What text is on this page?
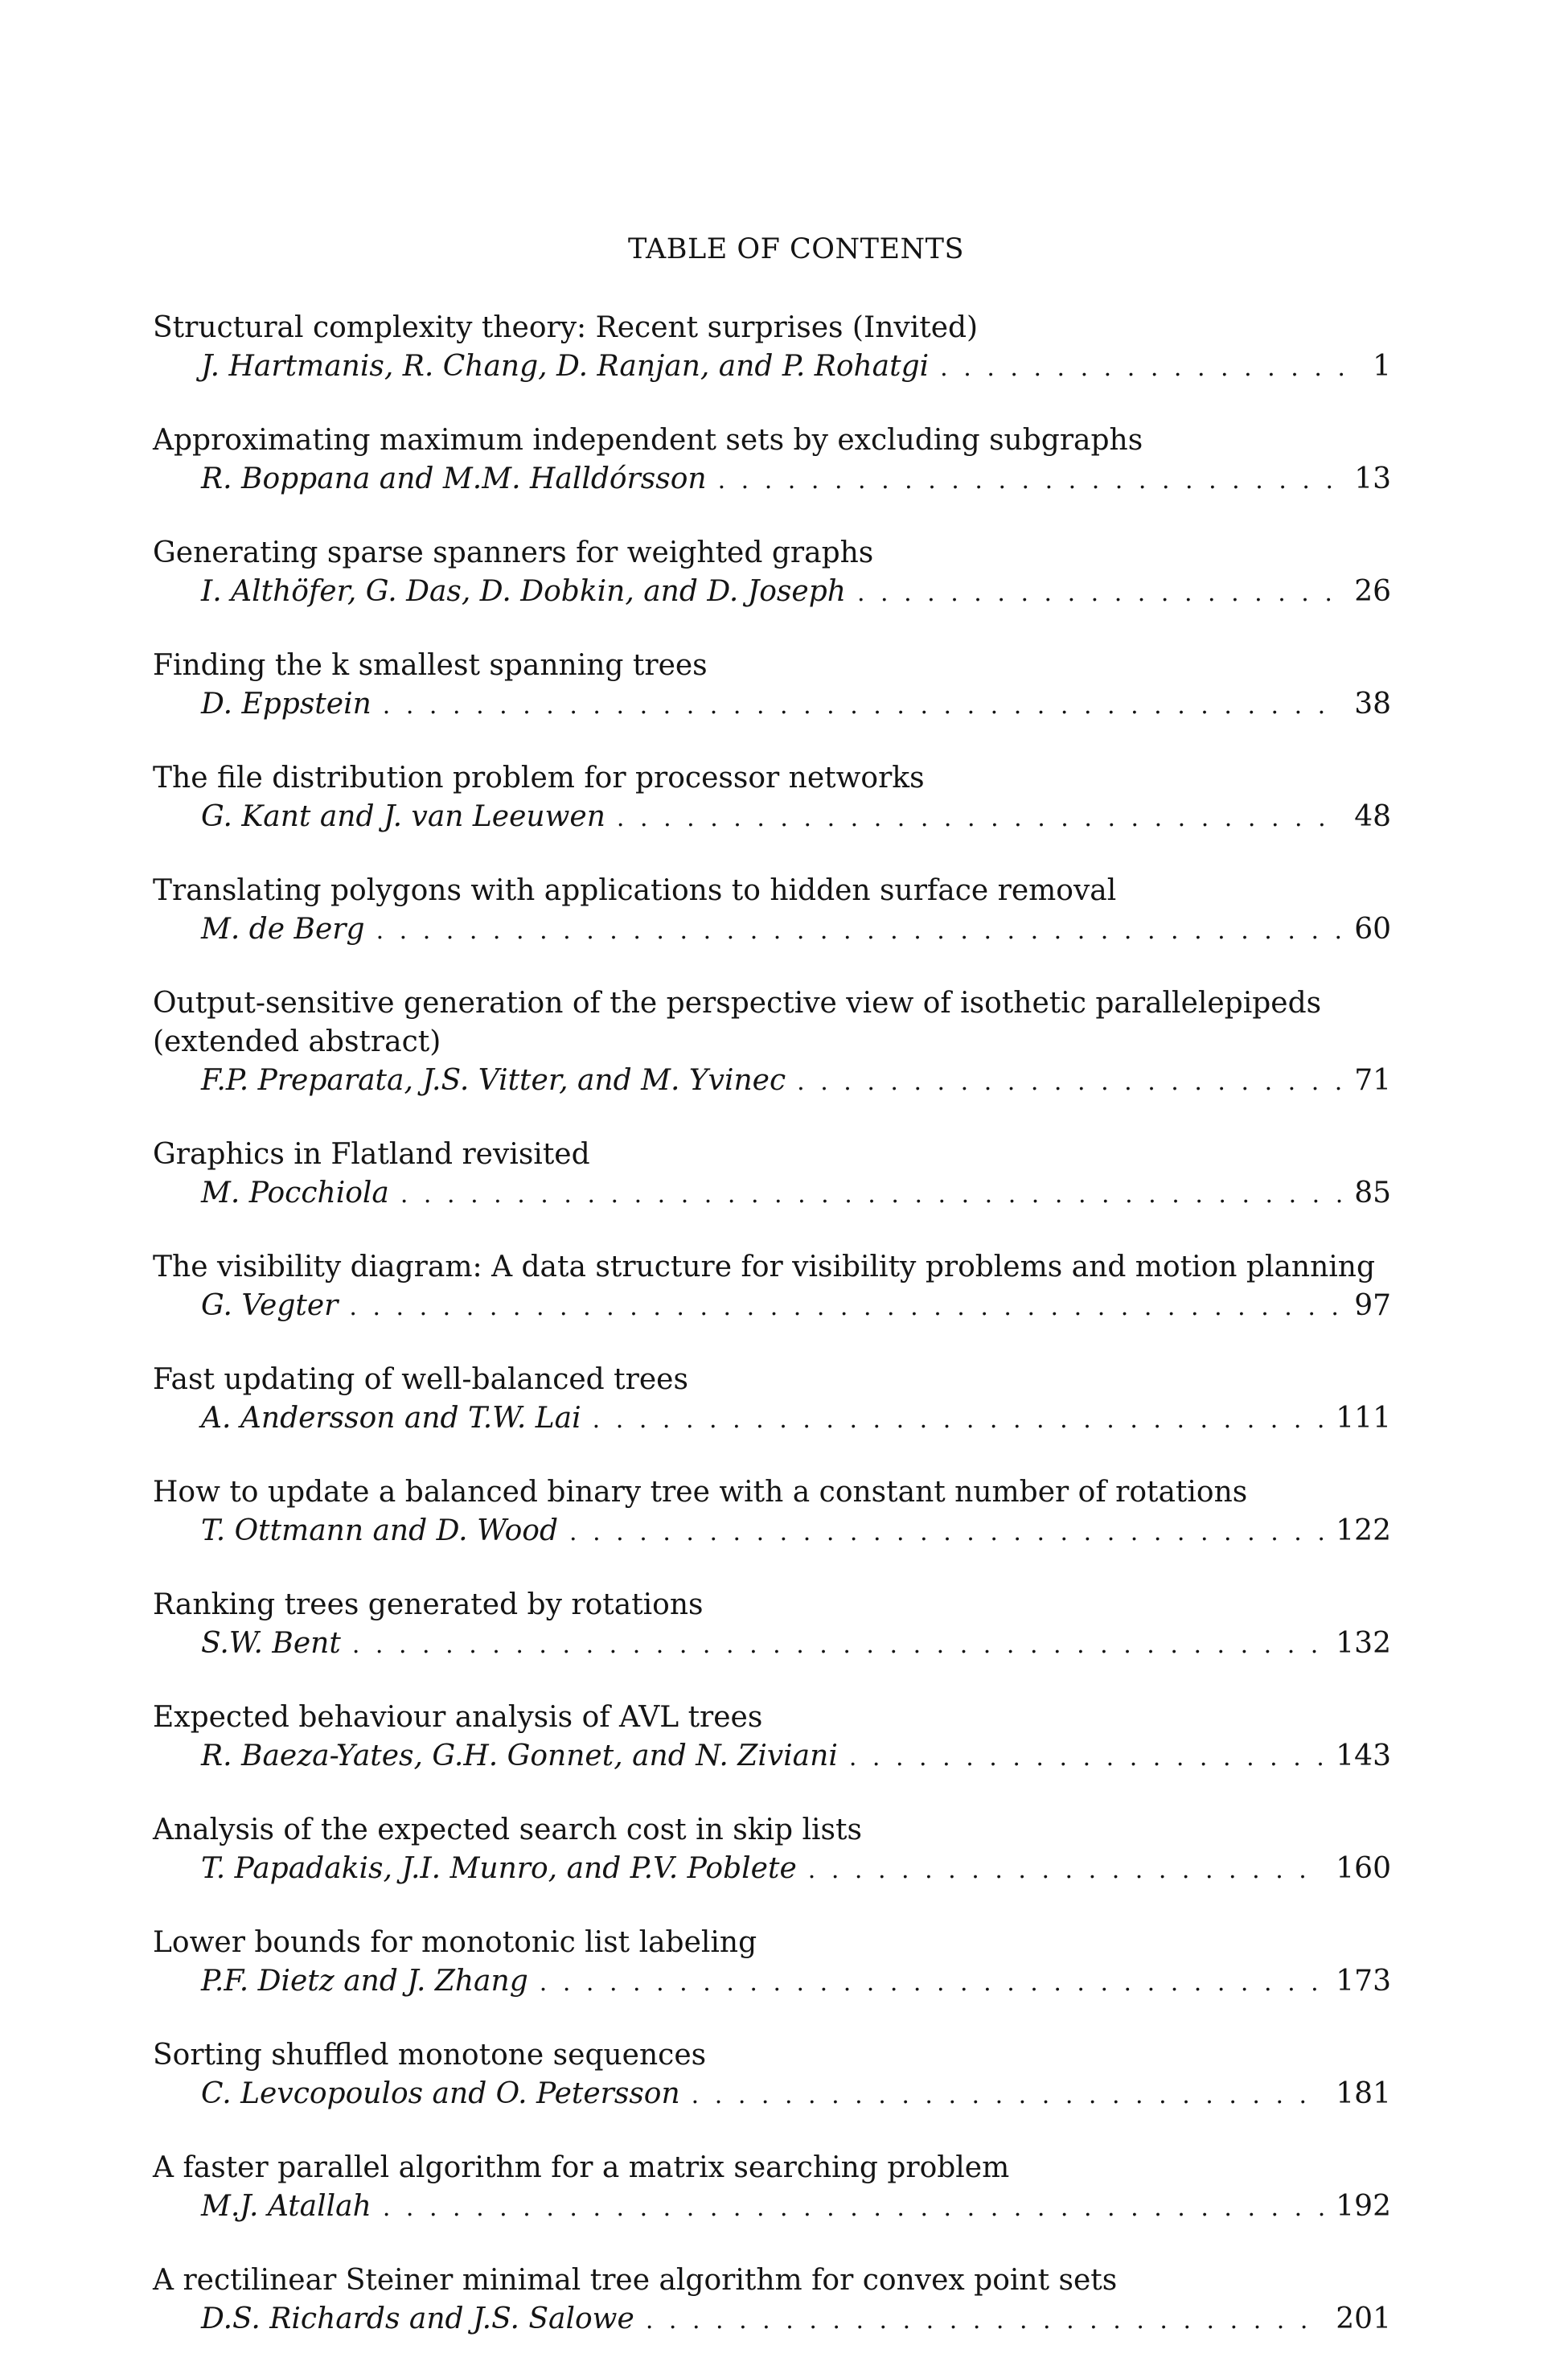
TABLE OF CONTENTS
Structural complexity theory: Recent surprises (Invited)
J. Hartmanis, R. Chang, D. Ranjan, and P. Rohatgi . . .	1
Approximating maximum independent sets by excluding subgraphs
R. Boppana and M.M. Halldórsson . . .	13
Generating sparse spanners for weighted graphs
I. Althöfer, G. Das, D. Dobkin, and D. Joseph . . .	26
Finding the k smallest spanning trees
D. Eppstein . . .	38
The file distribution problem for processor networks
G. Kant and J. van Leeuwen . . .	48
Translating polygons with applications to hidden surface removal
M. de Berg . . .	60
Output-sensitive generation of the perspective view of isothetic parallelepipeds
(extended abstract)
F.P. Preparata, J.S. Vitter, and M. Yvinec . . .	71
Graphics in Flatland revisited
M. Pocchiola . . .	85
The visibility diagram: A data structure for visibility problems and motion planning
G. Vegter . . .	97
Fast updating of well-balanced trees
A. Andersson and T.W. Lai . . .	111
How to update a balanced binary tree with a constant number of rotations
T. Ottmann and D. Wood . . .	122
Ranking trees generated by rotations
S.W. Bent . . .	132
Expected behaviour analysis of AVL trees
R. Baeza-Yates, G.H. Gonnet, and N. Ziviani . . .	143
Analysis of the expected search cost in skip lists
T. Papadakis, J.I. Munro, and P.V. Poblete . . .	160
Lower bounds for monotonic list labeling
P.F. Dietz and J. Zhang . . .	173
Sorting shuffled monotone sequences
C. Levcopoulos and O. Petersson . . .	181
A faster parallel algorithm for a matrix searching problem
M.J. Atallah . . .	192
A rectilinear Steiner minimal tree algorithm for convex point sets
D.S. Richards and J.S. Salowe . . .	201
